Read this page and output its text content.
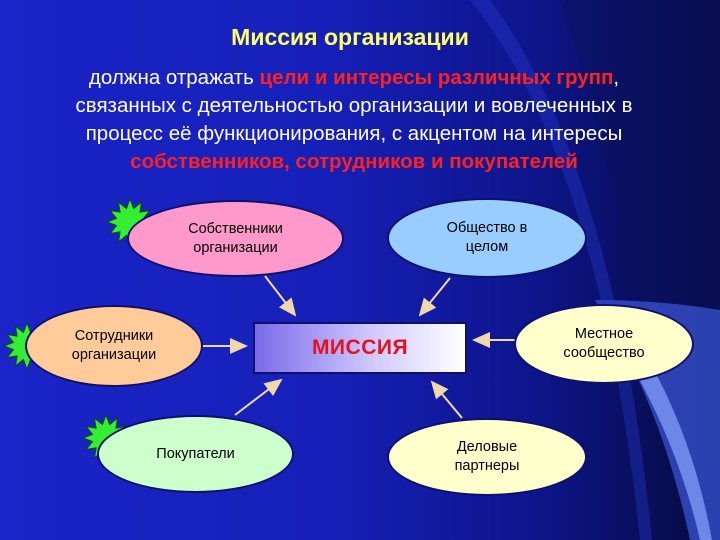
Миссия организации
должна отражать цели и интересы различных групп,
связанных с деятельностью организации и вовлеченных в
процесс её функционирования, с акцентом на интересы
собственников, сотрудников и покупателей
Собственники организации
Общество в целом
Сотрудники организации
Местное сообщество
Покупатели	Деловые партнеры
МИССИЯ
